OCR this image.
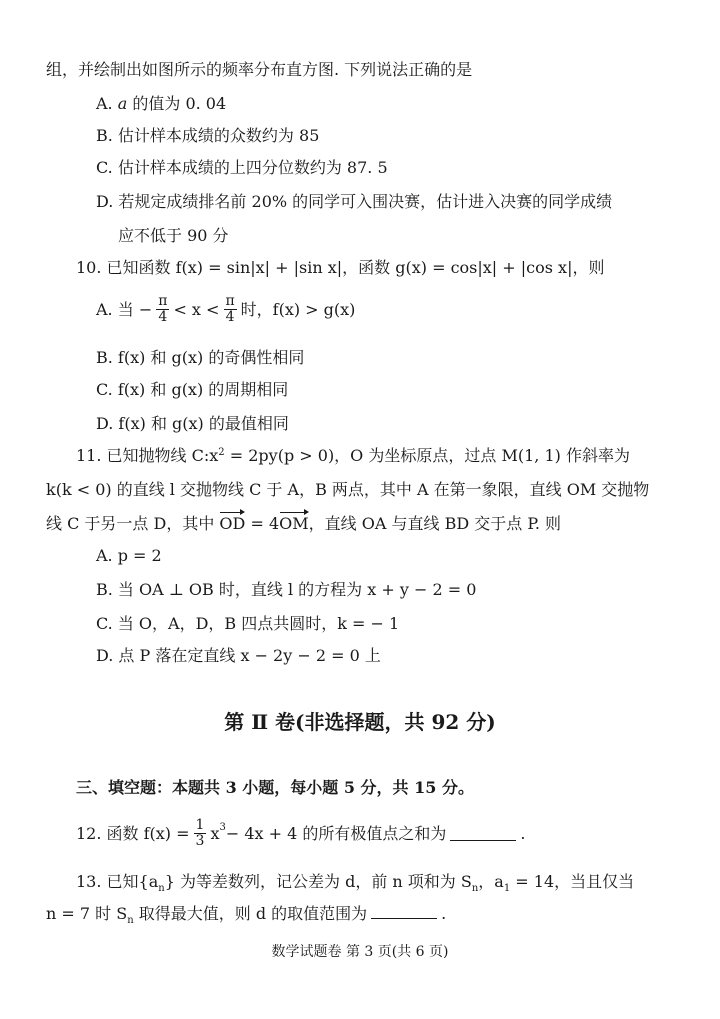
组，并绘制出如图所示的频率分布直方图. 下列说法正确的是
A. a 的值为 0. 04
B. 估计样本成绩的众数约为 85
C. 估计样本成绩的上四分位数约为 87. 5
D. 若规定成绩排名前 20% 的同学可入围决赛，估计进入决赛的同学成绩
应不低于 90 分
10. 已知函数 f(x) = sin|x| + |sin x|，函数 g(x) = cos|x| + |cos x|，则
A. 当 − $\frac{\pi}{4} < x < \frac{\pi}{4}$ 时，f(x) > g(x)
B. f(x) 和 g(x) 的奇偶性相同
C. f(x) 和 g(x) 的周期相同
D. f(x) 和 g(x) 的最值相同
11. 已知抛物线 $C:x^2 = 2py(p > 0)$，O 为坐标原点，过点 M(1, 1) 作斜率为
k(k < 0) 的直线 l 交抛物线 C 于 A，B 两点，其中 A 在第一象限，直线 OM 交抛物
线 C 于另一点 D，其中 OD = 4OM，直线 OA 与直线 BD 交于点 P. 则
A. p = 2
B. 当 OA ⊥ OB 时，直线 l 的方程为 x + y − 2 = 0
C. 当 O，A，D，B 四点共圆时，k = − 1
D. 点 P 落在定直线 x − 2y − 2 = 0 上
第 Ⅱ 卷(非选择题，共 92 分)
三、填空题：本题共 3 小题，每小题 5 分，共 15 分。
12. 函数 $f(x) = \frac{1}{3}$ x 3 − 4x + 4 的所有极值点之和为	.
13. 已知$\{a_n\}$ 为等差数列，记公差为 d，前 n 项和为 $S_n$，$a_1 = 14$，当且仅当
n = 7 时 $S_n$ 取得最大值，则 d 的取值范围为	.
数学试题卷 第 3 页(共 6 页)
